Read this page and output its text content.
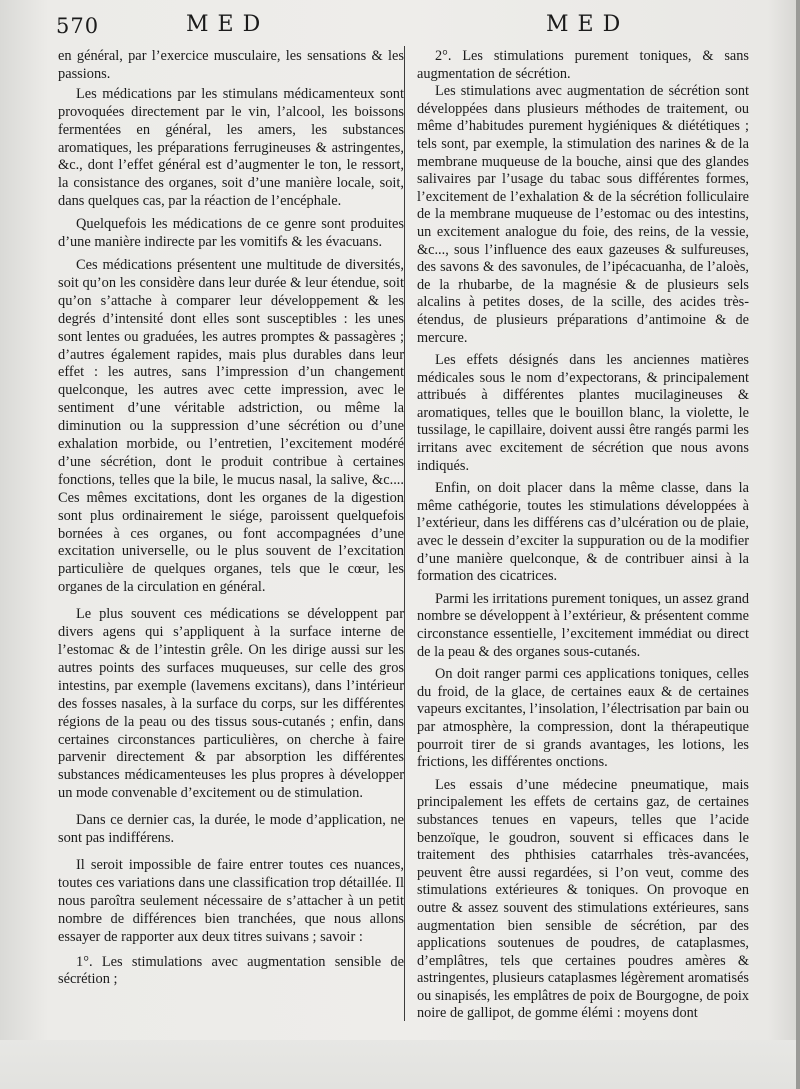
570	MED	MED

en général, par l’exercice musculaire, les sensations & les passions.

Les médications par les stimulans médicamenteux sont provoquées directement par le vin, l’alcool, les boissons fermentées en général, les amers, les substances aromatiques, les préparations ferrugineuses & astringentes, &c., dont l’effet général est d’augmenter le ton, le ressort, la consistance des organes, soit d’une manière locale, soit, dans quelques cas, par la réaction de l’encéphale.

Quelquefois les médications de ce genre sont produites d’une manière indirecte par les vomitifs & les évacuans.

Ces médications présentent une multitude de diversités, soit qu’on les considère dans leur durée & leur étendue, soit qu’on s’attache à comparer leur développement & les degrés d’intensité dont elles sont susceptibles : les unes sont lentes ou graduées, les autres promptes & passagères ; d’autres également rapides, mais plus durables dans leur effet : les autres, sans l’impression d’un changement quelconque, les autres avec cette impression, avec le sentiment d’une véritable adstriction, ou même la diminution ou la suppression d’une sécrétion ou d’une exhalation morbide, ou l’entretien, l’excitement modéré d’une sécrétion, dont le produit contribue à certaines fonctions, telles que la bile, le mucus nasal, la salive, &c.... Ces mêmes excitations, dont les organes de la digestion sont plus ordinairement le siége, paroissent quelquefois bornées à ces organes, ou font accompagnées d’une excitation universelle, ou le plus souvent de l’excitation particulière de quelques organes, tels que le cœur, les organes de la circulation en général.

Le plus souvent ces médications se développent par divers agens qui s’appliquent à la surface interne de l’estomac & de l’intestin grêle. On les dirige aussi sur les autres points des surfaces muqueuses, sur celle des gros intestins, par exemple (lavemens excitans), dans l’intérieur des fosses nasales, à la surface du corps, sur les différentes régions de la peau ou des tissus sous-cutanés ; enfin, dans certaines circonstances particulières, on cherche à faire parvenir directement & par absorption les différentes substances médicamenteuses les plus propres à développer un mode convenable d’excitement ou de stimulation.

Dans ce dernier cas, la durée, le mode d’application, ne sont pas indifférens.

Il seroit impossible de faire entrer toutes ces nuances, toutes ces variations dans une classification trop détaillée. Il nous paroîtra seulement nécessaire de s’attacher à un petit nombre de différences bien tranchées, que nous allons essayer de rapporter aux deux titres suivans ; savoir :

1°. Les stimulations avec augmentation sensible de sécrétion ;

2°. Les stimulations purement toniques, & sans augmentation de sécrétion.

Les stimulations avec augmentation de sécrétion sont développées dans plusieurs méthodes de traitement, ou même d’habitudes purement hygiéniques & diététiques ; tels sont, par exemple, la stimulation des narines & de la membrane muqueuse de la bouche, ainsi que des glandes salivaires par l’usage du tabac sous différentes formes, l’excitement de l’exhalation & de la sécrétion folliculaire de la membrane muqueuse de l’estomac ou des intestins, un excitement analogue du foie, des reins, de la vessie, &c..., sous l’influence des eaux gazeuses & sulfureuses, des savons & des savonules, de l’ipécacuanha, de l’aloès, de la rhubarbe, de la magnésie & de plusieurs sels alcalins à petites doses, de la scille, des acides très-étendus, de plusieurs préparations d’antimoine & de mercure.

Les effets désignés dans les anciennes matières médicales sous le nom d’expectorans, & principalement attribués à différentes plantes mucilagineuses & aromatiques, telles que le bouillon blanc, la violette, le tussilage, le capillaire, doivent aussi être rangés parmi les irritans avec excitement de sécrétion que nous avons indiqués.

Enfin, on doit placer dans la même classe, dans la même cathégorie, toutes les stimulations développées à l’extérieur, dans les différens cas d’ulcération ou de plaie, avec le dessein d’exciter la suppuration ou de la modifier d’une manière quelconque, & de contribuer ainsi à la formation des cicatrices.

Parmi les irritations purement toniques, un assez grand nombre se développent à l’extérieur, & présentent comme circonstance essentielle, l’excitement immédiat ou direct de la peau & des organes sous-cutanés.

On doit ranger parmi ces applications toniques, celles du froid, de la glace, de certaines eaux & de certaines vapeurs excitantes, l’insolation, l’électrisation par bain ou par atmosphère, la compression, dont la thérapeutique pourroit tirer de si grands avantages, les lotions, les frictions, les différentes onctions.

Les essais d’une médecine pneumatique, mais principalement les effets de certains gaz, de certaines substances tenues en vapeurs, telles que l’acide benzoïque, le goudron, souvent si efficaces dans le traitement des phthisies catarrhales très-avancées, peuvent être aussi regardées, si l’on veut, comme des stimulations extérieures & toniques. On provoque en outre & assez souvent des stimulations extérieures, sans augmentation bien sensible de sécrétion, par des applications soutenues de poudres, de cataplasmes, d’emplâtres, tels que certaines poudres amères & astringentes, plusieurs cataplasmes légèrement aromatisés ou sinapisés, les emplâtres de poix de Bourgogne, de poix noire de gallipot, de gomme élémi : moyens dont
